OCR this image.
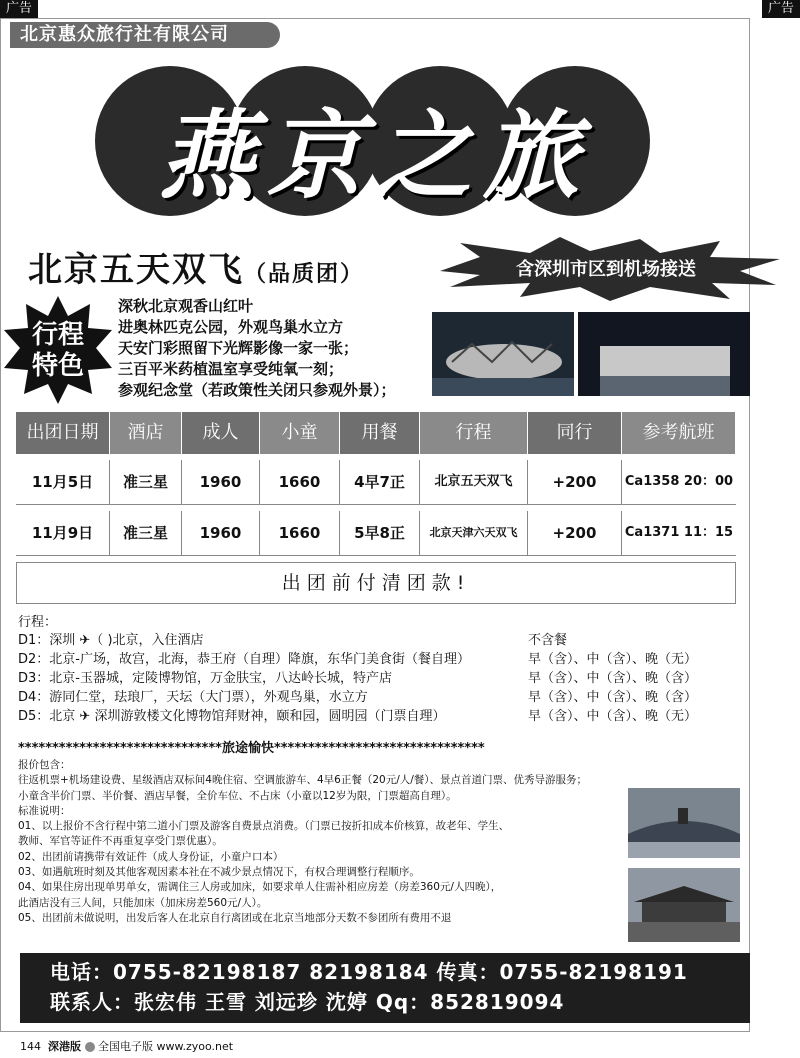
广告	广告
北京惠众旅行社有限公司
燕京之旅
北京五天双飞（品质团）	含深圳市区到机场接送
行程
特色
深秋北京观香山红叶
进奥林匹克公园，外观鸟巢水立方
天安门彩照留下光辉影像一家一张；
三百平米药植温室享受纯氧一刻；
参观纪念堂（若政策性关闭只参观外景）；
出团日期	酒店	成人	小童	用餐	行程	同行	参考航班
11月5日	准三星	1960	1660	4早7正	北京五天双飞	+200	Ca1358 20：00
11月9日	准三星	1960	1660	5早8正	北京天津六天双飞	+200	Ca1371 11：15
出团前付清团款!
行程：
D1：深圳 ✈（ )北京，入住酒店	不含餐
D2：北京-广场，故宫，北海，恭王府（自理）降旗，东华门美食街（餐自理）	早（含）、中（含）、晚（无）
D3：北京-玉器城，定陵博物馆，万金肤宝，八达岭长城，特产店	早（含）、中（含）、晚（含）
D4：游同仁堂，珐琅厂，天坛（大门票），外观鸟巢，水立方	早（含）、中（含）、晚（含）
D5：北京 ✈ 深圳游敦楼文化博物馆拜财神，颐和园，圆明园（门票自理）	早（含）、中（含）、晚（无）
******************************旅途愉快*******************************
报价包含：
往返机票+机场建设费、星级酒店双标间4晚住宿、空调旅游车、4早6正餐（20元/人/餐）、景点首道门票、优秀导游服务；
小童含半价门票、半价餐、酒店早餐，全价车位、不占床（小童以12岁为限，门票超高自理）。
标准说明：
01、以上报价不含行程中第二道小门票及游客自费景点消费。（门票已按折扣成本价核算，故老年、学生、
教师、军官等证件不再重复享受门票优惠）。
02、出团前请携带有效证件（成人身份证，小童户口本）
03、如遇航班时刻及其他客观因素本社在不减少景点情况下，有权合理调整行程顺序。
04、如果住房出现单男单女，需调住三人房或加床，如要求单人住需补相应房差（房差360元/人四晚），
此酒店没有三人间，只能加床（加床房差560元/人）。
05、出团前未做说明，出发后客人在北京自行离团或在北京当地部分天数不参团所有费用不退
电话：0755-82198187 82198184 传真：0755-82198191
联系人：张宏伟 王雪 刘远珍 沈婷 Qq：852819094
144 深港版 全国电子版 www.zyoo.net
